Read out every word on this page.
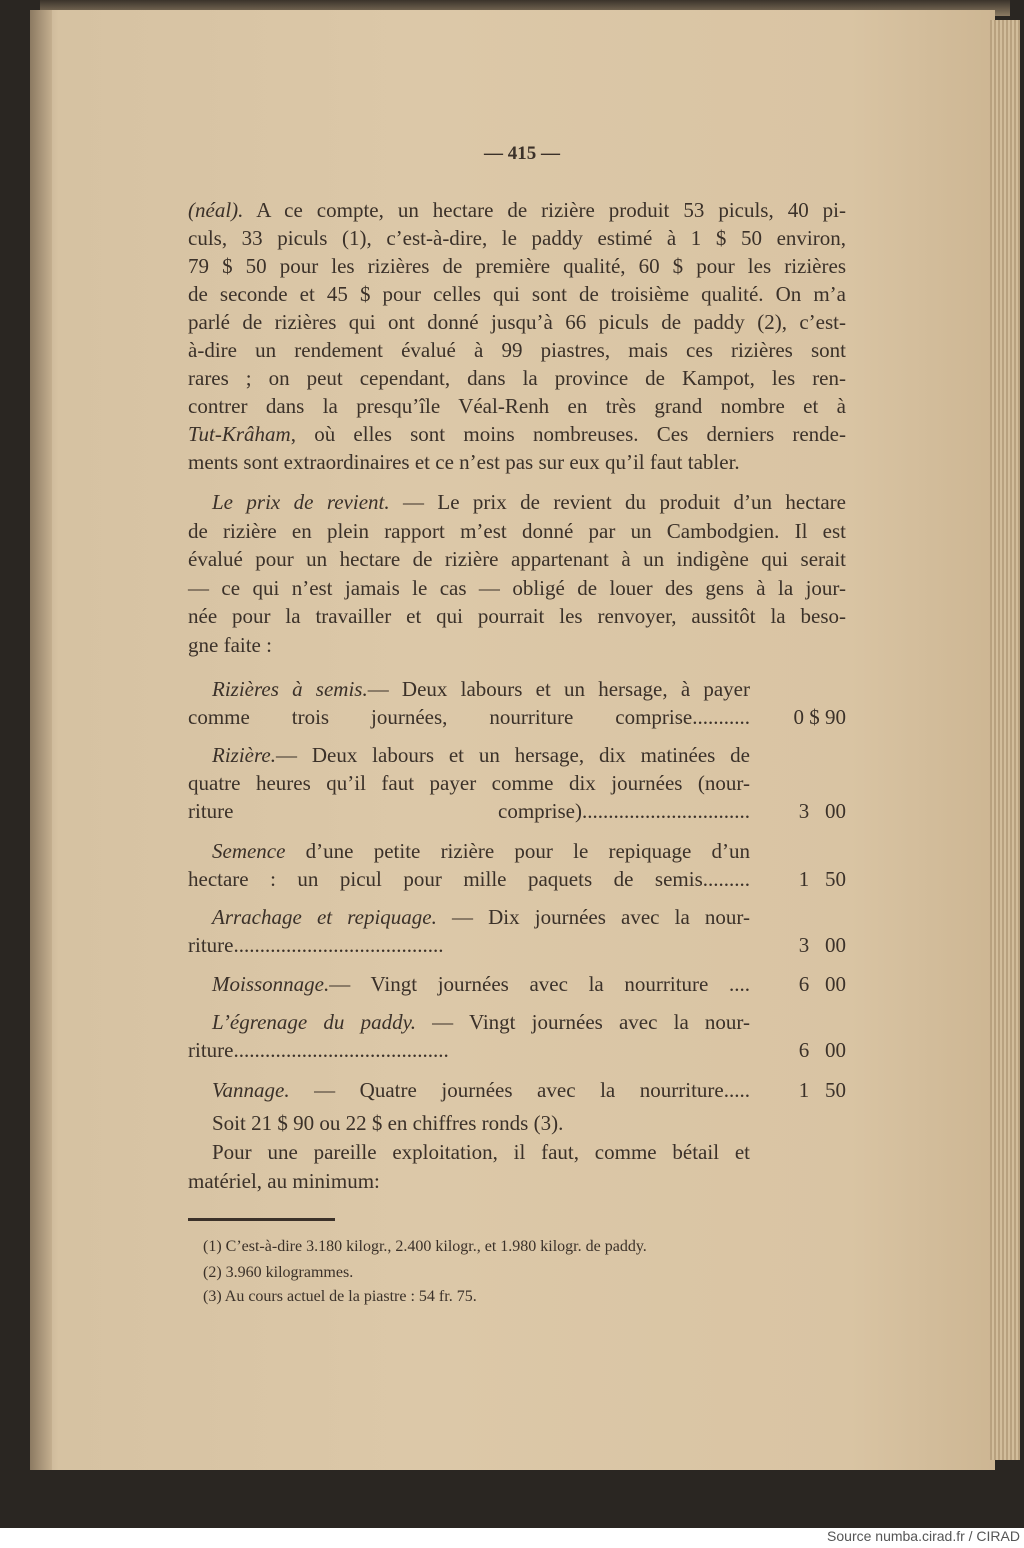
— 415 —
(1) C’est-à-dire 3.180 kilogr., 2.400 kilogr., et 1.980 kilogr. de paddy.
(2) 3.960 kilogrammes.
(3) Au cours actuel de la piastre : 54 fr. 75.
(néal). A ce compte, un hectare de rizière produit 53 piculs, 40 pi-
culs, 33 piculs (1), c’est-à-dire, le paddy estimé à 1 $ 50 environ,
79 $ 50 pour les rizières de première qualité, 60 $ pour les rizières
de seconde et 45 $ pour celles qui sont de troisième qualité. On m’a
parlé de rizières qui ont donné jusqu’à 66 piculs de paddy (2), c’est-
à-dire un rendement évalué à 99 piastres, mais ces rizières sont
rares ; on peut cependant, dans la province de Kampot, les ren-
contrer dans la presqu’île Véal-Renh en très grand nombre et à
Tut-Krâham, où elles sont moins nombreuses. Ces derniers rende-
ments sont extraordinaires et ce n’est pas sur eux qu’il faut tabler.
Le prix de revient. — Le prix de revient du produit d’un hectare
de rizière en plein rapport m’est donné par un Cambodgien. Il est
évalué pour un hectare de rizière appartenant à un indigène qui serait
— ce qui n’est jamais le cas — obligé de louer des gens à la jour-
née pour la travailler et qui pourrait les renvoyer, aussitôt la beso-
gne faite :
Rizières à semis.— Deux labours et un hersage, à payer
comme trois journées, nourriture comprise...........	0 $ 90
Rizière.— Deux labours et un hersage, dix matinées de
quatre heures qu’il faut payer comme dix journées (nour-
riture comprise)................................	3   00
Semence d’une petite rizière pour le repiquage d’un
hectare : un picul pour mille paquets de semis.........	1   50
Arrachage et repiquage. — Dix journées avec la nour-
riture........................................	3   00
Moissonnage.— Vingt journées avec la nourriture ....	6   00
L’égrenage du paddy. — Vingt journées avec la nour-
riture.........................................	6   00
Vannage. — Quatre journées avec la nourriture.....	1   50
Soit 21 $ 90 ou 22 $ en chiffres ronds (3).
Pour une pareille exploitation, il faut, comme bétail et
matériel, au minimum:
Source numba.cirad.fr / CIRAD
